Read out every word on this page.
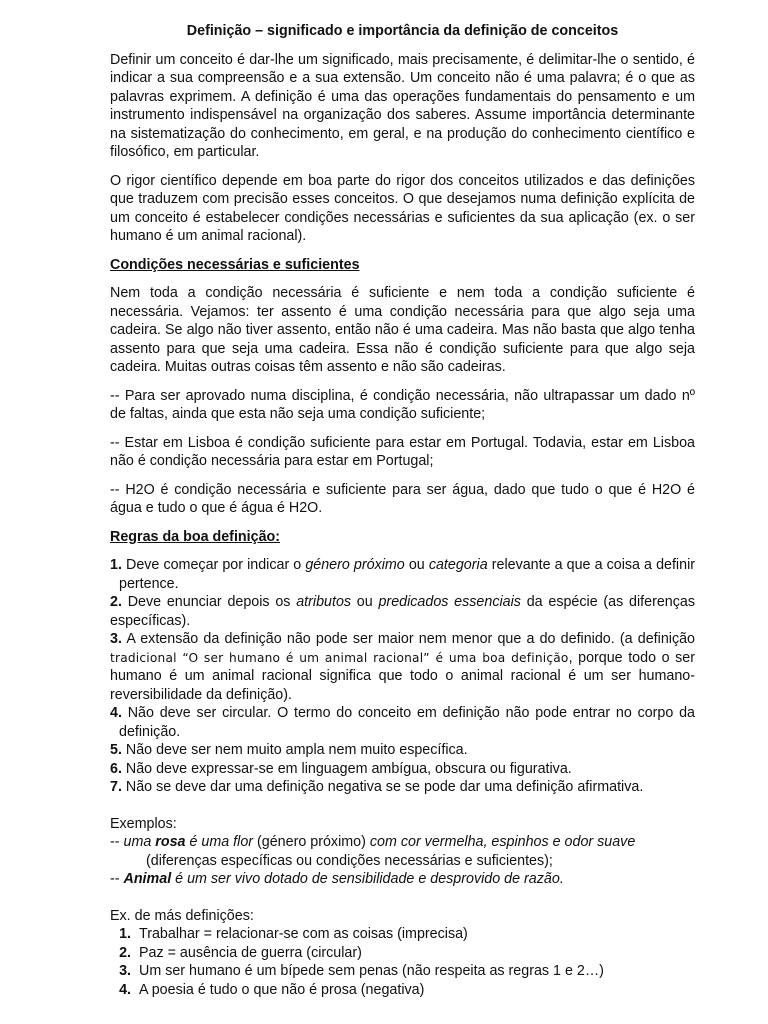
Definição – significado e importância da definição de conceitos

Definir um conceito é dar-lhe um significado, mais precisamente, é delimitar-lhe o sentido, é indicar a sua compreensão e a sua extensão. Um conceito não é uma palavra; é o que as palavras exprimem. A definição é uma das operações fundamentais do pensamento e um instrumento indispensável na organização dos saberes. Assume importância determinante na sistematização do conhecimento, em geral, e na produção do conhecimento científico e filosófico, em particular.

O rigor científico depende em boa parte do rigor dos conceitos utilizados e das definições que traduzem com precisão esses conceitos. O que desejamos numa definição explícita de um conceito é estabelecer condições necessárias e suficientes da sua aplicação (ex. o ser humano é um animal racional).

Condições necessárias e suficientes

Nem toda a condição necessária é suficiente e nem toda a condição suficiente é necessária. Vejamos: ter assento é uma condição necessária para que algo seja uma cadeira. Se algo não tiver assento, então não é uma cadeira. Mas não basta que algo tenha assento para que seja uma cadeira. Essa não é condição suficiente para que algo seja cadeira. Muitas outras coisas têm assento e não são cadeiras.

-- Para ser aprovado numa disciplina, é condição necessária, não ultrapassar um dado nº de faltas, ainda que esta não seja uma condição suficiente;

-- Estar em Lisboa é condição suficiente para estar em Portugal. Todavia, estar em Lisboa não é condição necessária para estar em Portugal;

-- H2O é condição necessária e suficiente para ser água, dado que tudo o que é H2O é água e tudo o que é água é H2O.

Regras da boa definição:

1. Deve começar por indicar o género próximo ou categoria relevante a que a coisa a definir pertence.

2. Deve enunciar depois os atributos ou predicados essenciais da espécie (as diferenças específicas).

3. A extensão da definição não pode ser maior nem menor que a do definido. (a definição tradicional “O ser humano é um animal racional” é uma boa definição, porque todo o ser humano é um animal racional significa que todo o animal racional é um ser humano-reversibilidade da definição).

4. Não deve ser circular. O termo do conceito em definição não pode entrar no corpo da definição.

5. Não deve ser nem muito ampla nem muito específica.

6. Não deve expressar-se em linguagem ambígua, obscura ou figurativa.

7. Não se deve dar uma definição negativa se se pode dar uma definição afirmativa.

Exemplos:

-- uma rosa é uma flor (género próximo) com cor vermelha, espinhos e odor suave

(diferenças específicas ou condições necessárias e suficientes);

-- Animal é um ser vivo dotado de sensibilidade e desprovido de razão.

Ex. de más definições:

1. Trabalhar = relacionar-se com as coisas (imprecisa)
2. Paz = ausência de guerra (circular)
3. Um ser humano é um bípede sem penas (não respeita as regras 1 e 2…)
4. A poesia é tudo o que não é prosa (negativa)
